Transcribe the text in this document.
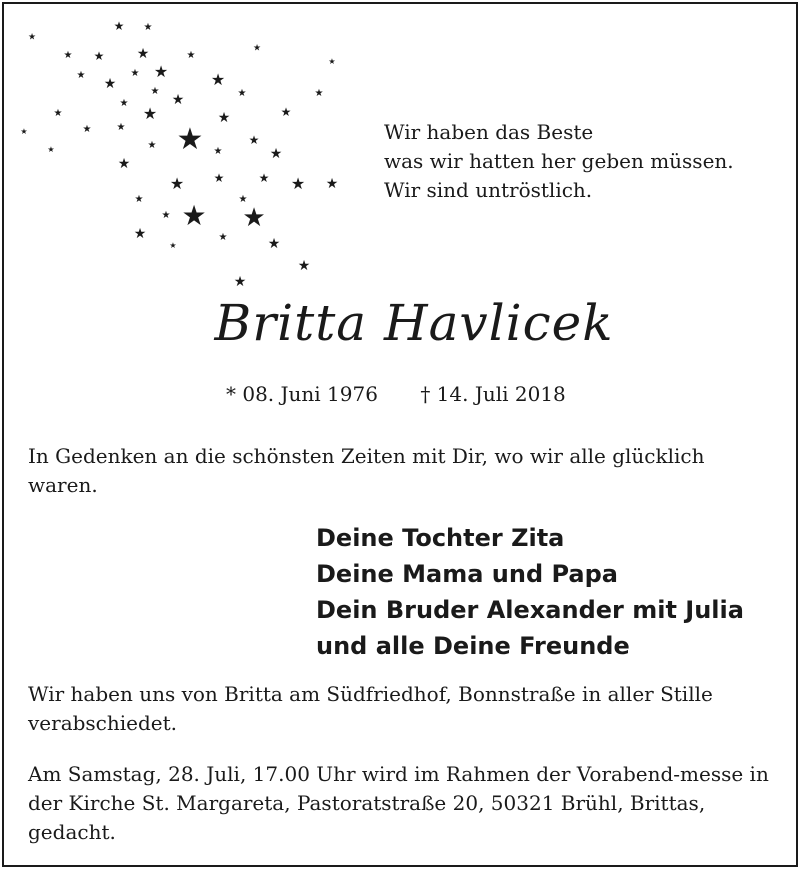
★ ★
★
★ ★ ★	★
★
★
★
★
★ ★	★
★
★	★
★
★
★
★
★
★
★	★	★ ★	★
★	★
★	★
★
★	★
★	★ ★
★
★ ★
★	★
★	★	★
★
★
★
Wir haben das Beste
was wir hatten her geben müssen.
Wir sind untröstlich.
Britta Havlicek
* 08. Juni 1976 † 14. Juli 2018
In Gedenken an die schönsten Zeiten mit Dir, wo wir alle glücklich waren.
Deine Tochter Zita
Deine Mama und Papa
Dein Bruder Alexander mit Julia
und alle Deine Freunde
Wir haben uns von Britta am Südfriedhof, Bonnstraße in aller Stille verabschiedet.
Am Samstag, 28. Juli, 17.00 Uhr wird im Rahmen der Vorabend-messe in der Kirche St. Margareta, Pastoratstraße 20, 50321 Brühl, Brittas, gedacht.
